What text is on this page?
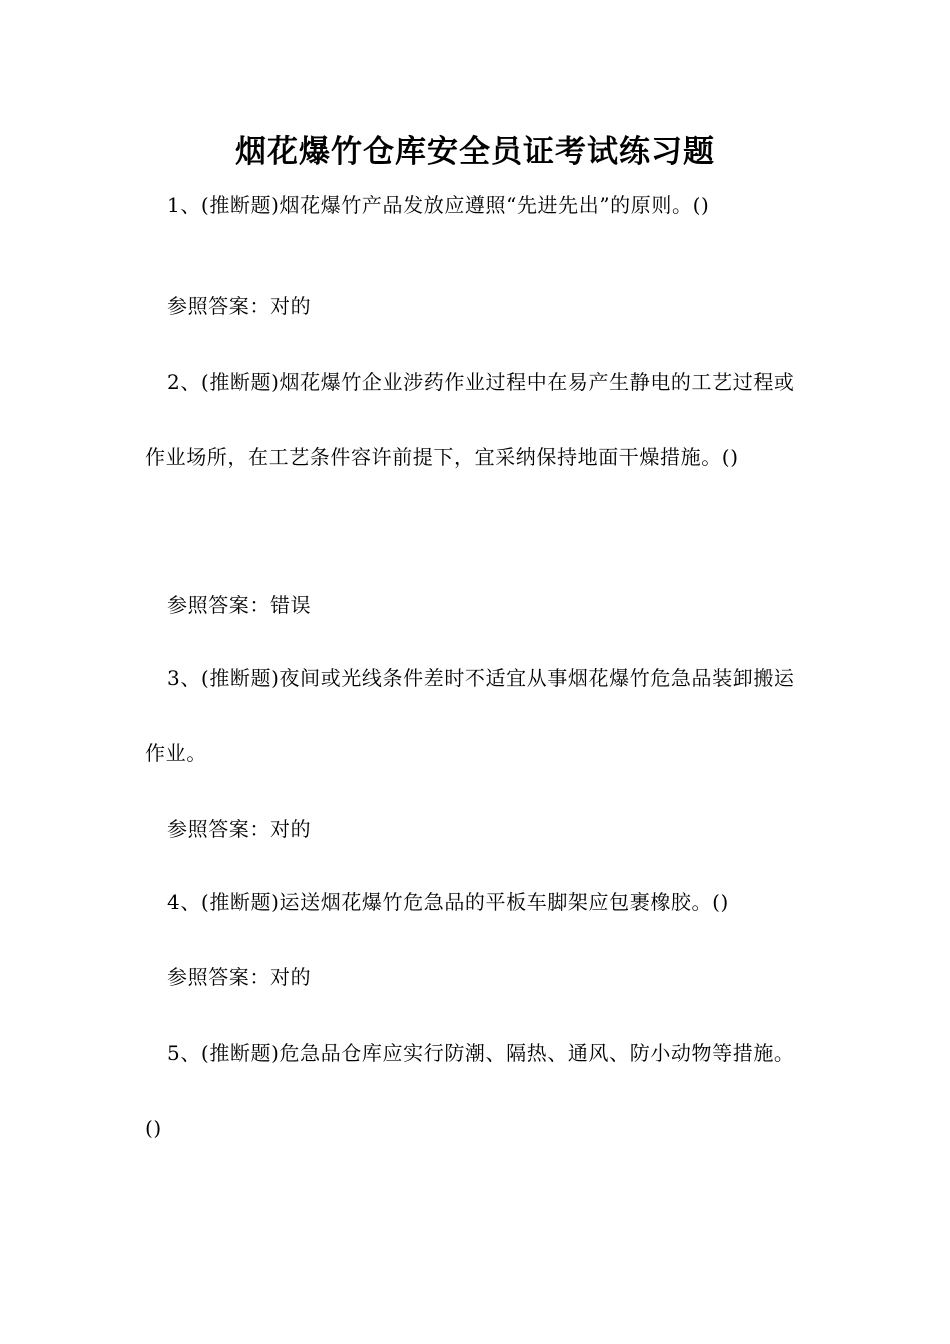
烟花爆竹仓库安全员证考试练习题

1、(推断题)烟花爆竹产品发放应遵照“先进先出”的原则。()

参照答案：对的

2、(推断题)烟花爆竹企业涉药作业过程中在易产生静电的工艺过程或作业场所，在工艺条件容许前提下，宜采纳保持地面干燥措施。()

参照答案：错误

3、(推断题)夜间或光线条件差时不适宜从事烟花爆竹危急品装卸搬运作业。

参照答案：对的

4、(推断题)运送烟花爆竹危急品的平板车脚架应包裹橡胶。()

参照答案：对的

5、(推断题)危急品仓库应实行防潮、隔热、通风、防小动物等措施。()
